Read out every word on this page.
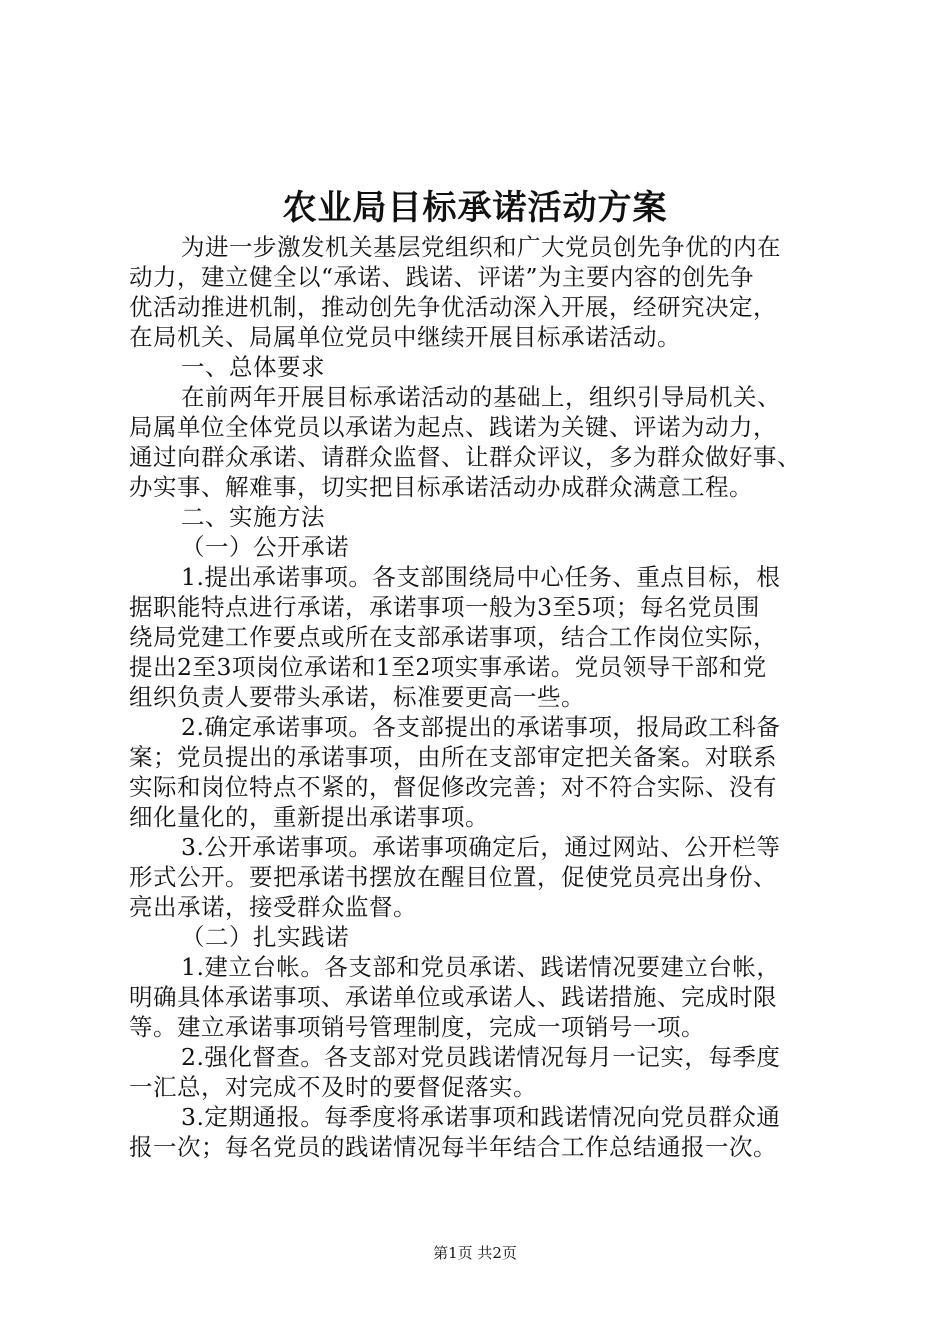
农业局目标承诺活动方案
为进一步激发机关基层党组织和广大党员创先争优的内在
动力，建立健全以“承诺、践诺、评诺”为主要内容的创先争
优活动推进机制，推动创先争优活动深入开展，经研究决定，
在局机关、局属单位党员中继续开展目标承诺活动。
一、总体要求
在前两年开展目标承诺活动的基础上，组织引导局机关、
局属单位全体党员以承诺为起点、践诺为关键、评诺为动力，
通过向群众承诺、请群众监督、让群众评议，多为群众做好事、
办实事、解难事，切实把目标承诺活动办成群众满意工程。
二、实施方法
（一）公开承诺
1.提出承诺事项。各支部围绕局中心任务、重点目标，根
据职能特点进行承诺，承诺事项一般为3至5项；每名党员围
绕局党建工作要点或所在支部承诺事项，结合工作岗位实际，
提出2至3项岗位承诺和1至2项实事承诺。党员领导干部和党
组织负责人要带头承诺，标准要更高一些。
2.确定承诺事项。各支部提出的承诺事项，报局政工科备
案；党员提出的承诺事项，由所在支部审定把关备案。对联系
实际和岗位特点不紧的，督促修改完善；对不符合实际、没有
细化量化的，重新提出承诺事项。
3.公开承诺事项。承诺事项确定后，通过网站、公开栏等
形式公开。要把承诺书摆放在醒目位置，促使党员亮出身份、
亮出承诺，接受群众监督。
（二）扎实践诺
1.建立台帐。各支部和党员承诺、践诺情况要建立台帐，
明确具体承诺事项、承诺单位或承诺人、践诺措施、完成时限
等。建立承诺事项销号管理制度，完成一项销号一项。
2.强化督查。各支部对党员践诺情况每月一记实，每季度
一汇总，对完成不及时的要督促落实。
3.定期通报。每季度将承诺事项和践诺情况向党员群众通
报一次；每名党员的践诺情况每半年结合工作总结通报一次。
第1页 共2页
